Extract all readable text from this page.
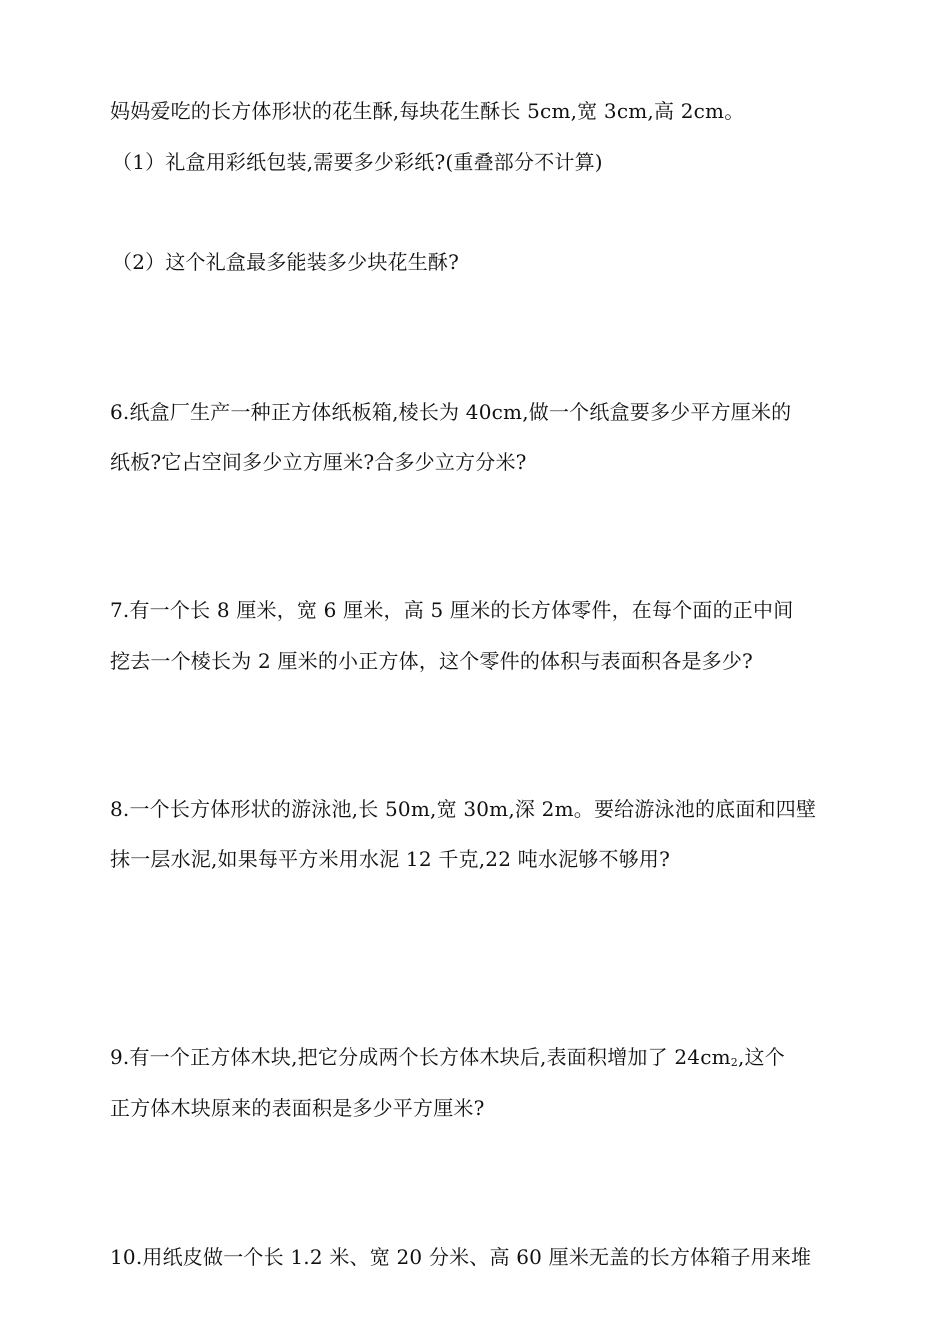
妈妈爱吃的长方体形状的花生酥,每块花生酥长 5cm,宽 3cm,高 2cm。
（1）礼盒用彩纸包装,需要多少彩纸?(重叠部分不计算)
（2）这个礼盒最多能装多少块花生酥?
6.纸盒厂生产一种正方体纸板箱,棱长为 40cm,做一个纸盒要多少平方厘米的
纸板?它占空间多少立方厘米?合多少立方分米?
7.有一个长 8 厘米，宽 6 厘米，高 5 厘米的长方体零件，在每个面的正中间
挖去一个棱长为 2 厘米的小正方体，这个零件的体积与表面积各是多少?
8.一个长方体形状的游泳池,长 50m,宽 30m,深 2m。要给游泳池的底面和四壁
抹一层水泥,如果每平方米用水泥 12 千克,22 吨水泥够不够用?
9.有一个正方体木块,把它分成两个长方体木块后,表面积增加了 $24cm^2$,这个
正方体木块原来的表面积是多少平方厘米?
10.用纸皮做一个长 1.2 米、宽 20 分米、高 60 厘米无盖的长方体箱子用来堆
